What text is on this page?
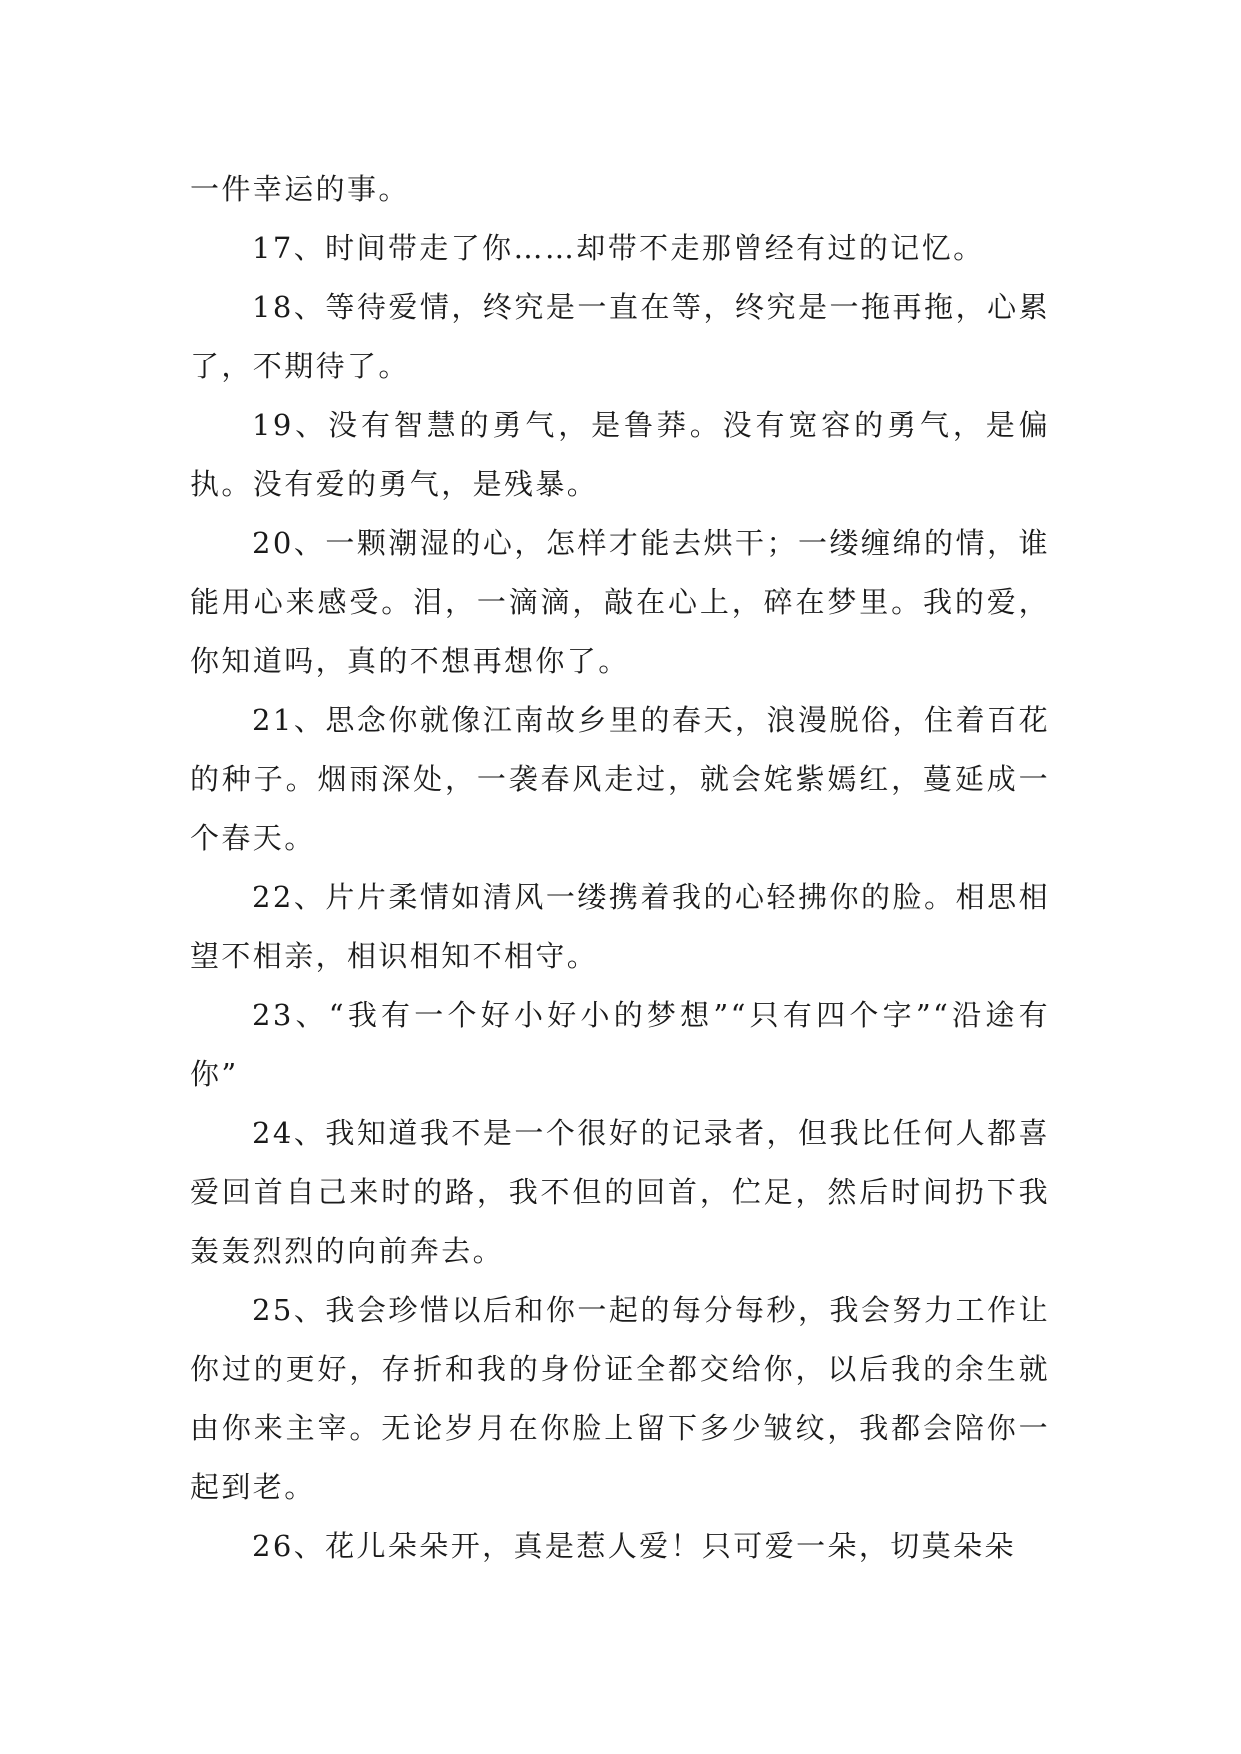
一件幸运的事。

17、时间带走了你……却带不走那曾经有过的记忆。

18、等待爱情，终究是一直在等，终究是一拖再拖，心累了，不期待了。

19、没有智慧的勇气，是鲁莽。没有宽容的勇气，是偏执。没有爱的勇气，是残暴。

20、一颗潮湿的心，怎样才能去烘干；一缕缠绵的情，谁能用心来感受。泪，一滴滴，敲在心上，碎在梦里。我的爱，你知道吗，真的不想再想你了。

21、思念你就像江南故乡里的春天，浪漫脱俗，住着百花的种子。烟雨深处，一袭春风走过，就会姹紫嫣红，蔓延成一个春天。

22、片片柔情如清风一缕携着我的心轻拂你的脸。相思相望不相亲，相识相知不相守。

23、“我有一个好小好小的梦想”“只有四个字”“沿途有你”

24、我知道我不是一个很好的记录者，但我比任何人都喜爱回首自己来时的路，我不但的回首，伫足，然后时间扔下我轰轰烈烈的向前奔去。

25、我会珍惜以后和你一起的每分每秒，我会努力工作让你过的更好，存折和我的身份证全都交给你，以后我的余生就由你来主宰。无论岁月在你脸上留下多少皱纹，我都会陪你一起到老。

26、花儿朵朵开，真是惹人爱！只可爱一朵，切莫朵朵
